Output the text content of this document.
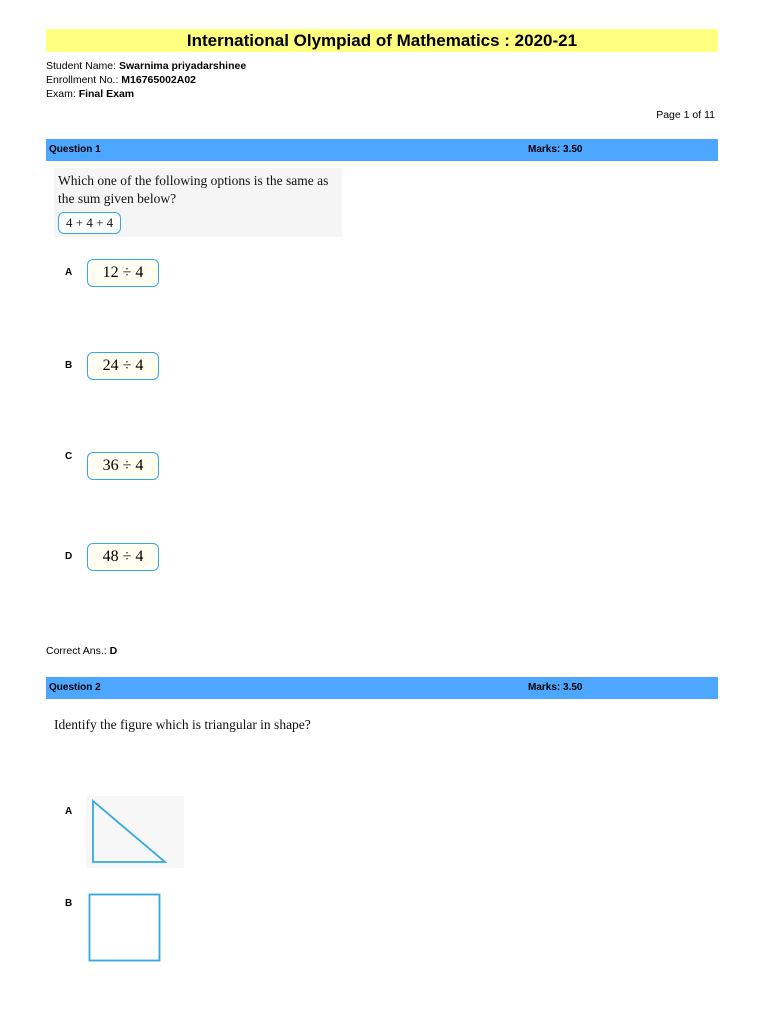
International Olympiad of Mathematics : 2020-21
Student Name: Swarnima priyadarshinee
Enrollment No.: M16765002A02
Exam: Final Exam
Page 1 of 11
Question 1	Marks: 3.50
Which one of the following options is the same as
the sum given below?
4 + 4 + 4
A	12 ÷ 4
B	24 ÷ 4
C
36 ÷ 4
D	48 ÷ 4
Correct Ans.: D
Question 2	Marks: 3.50
Identify the figure which is triangular in shape?
A
B
